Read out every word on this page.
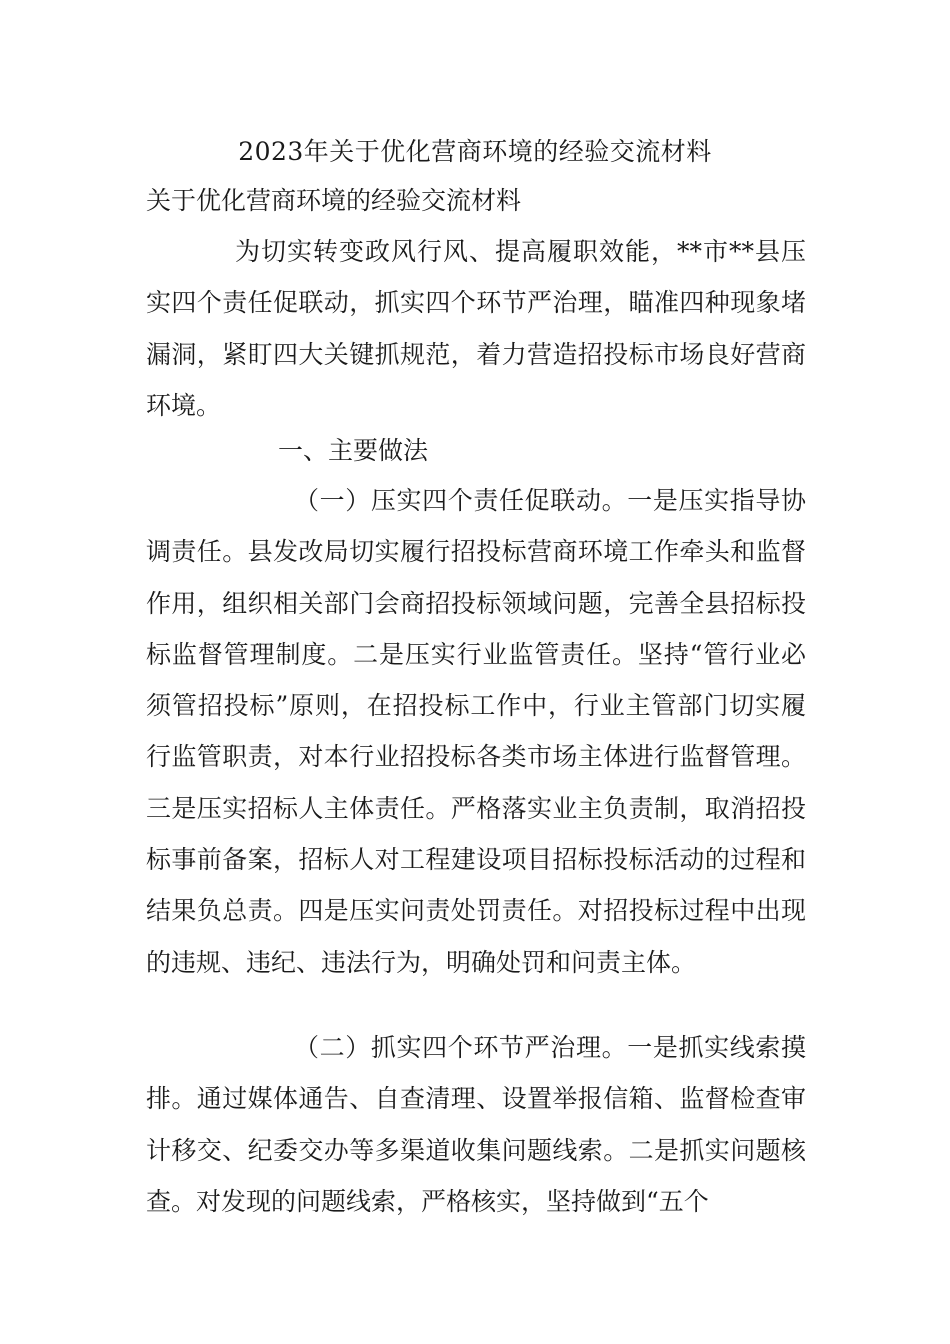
2023年关于优化营商环境的经验交流材料
关于优化营商环境的经验交流材料

为切实转变政风行风、提高履职效能，**市**县压实四个责任促联动，抓实四个环节严治理，瞄准四种现象堵漏洞，紧盯四大关键抓规范，着力营造招投标市场良好营商环境。

一、主要做法

（一）压实四个责任促联动。一是压实指导协调责任。县发改局切实履行招投标营商环境工作牵头和监督作用，组织相关部门会商招投标领域问题，完善全县招标投标监督管理制度。二是压实行业监管责任。坚持“管行业必须管招投标”原则，在招投标工作中，行业主管部门切实履行监管职责，对本行业招投标各类市场主体进行监督管理。三是压实招标人主体责任。严格落实业主负责制，取消招投标事前备案，招标人对工程建设项目招标投标活动的过程和结果负总责。四是压实问责处罚责任。对招投标过程中出现的违规、违纪、违法行为，明确处罚和问责主体。

（二）抓实四个环节严治理。一是抓实线索摸排。通过媒体通告、自查清理、设置举报信箱、监督检查审计移交、纪委交办等多渠道收集问题线索。二是抓实问题核查。对发现的问题线索，严格核实，坚持做到“五个
